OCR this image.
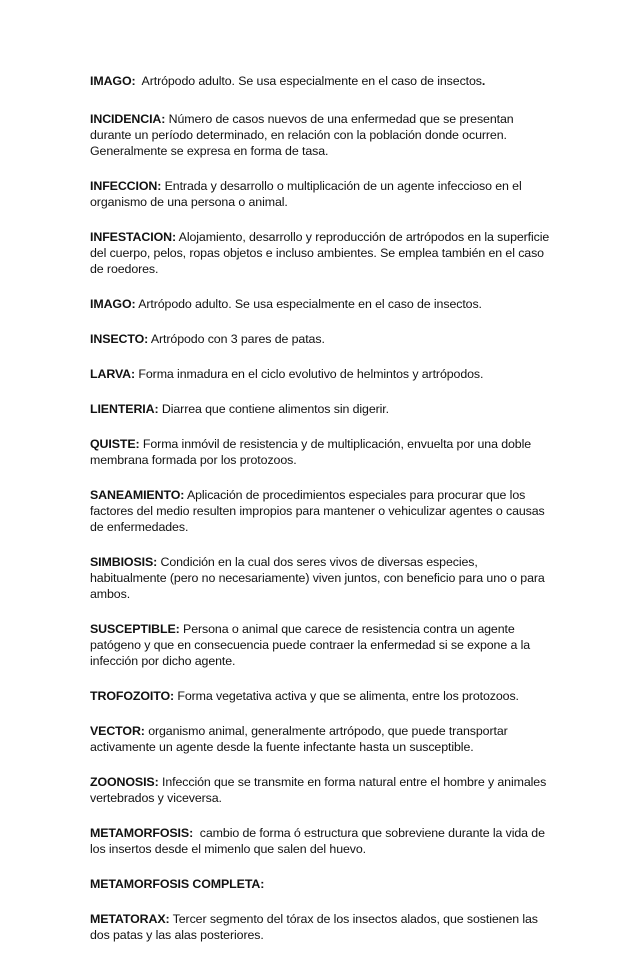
IMAGO: Artrópodo adulto. Se usa especialmente en el caso de insectos.

INCIDENCIA: Número de casos nuevos de una enfermedad que se presentan durante un período determinado, en relación con la población donde ocurren. Generalmente se expresa en forma de tasa.

INFECCION: Entrada y desarrollo o multiplicación de un agente infeccioso en el organismo de una persona o animal.

INFESTACION: Alojamiento, desarrollo y reproducción de artrópodos en la superficie del cuerpo, pelos, ropas objetos e incluso ambientes. Se emplea también en el caso de roedores.

IMAGO: Artrópodo adulto. Se usa especialmente en el caso de insectos.

INSECTO: Artrópodo con 3 pares de patas.

LARVA: Forma inmadura en el ciclo evolutivo de helmintos y artrópodos.

LIENTERIA: Diarrea que contiene alimentos sin digerir.

QUISTE: Forma inmóvil de resistencia y de multiplicación, envuelta por una doble membrana formada por los protozoos.

SANEAMIENTO: Aplicación de procedimientos especiales para procurar que los factores del medio resulten impropios para mantener o vehiculizar agentes o causas de enfermedades.

SIMBIOSIS: Condición en la cual dos seres vivos de diversas especies, habitualmente (pero no necesariamente) viven juntos, con beneficio para uno o para ambos.

SUSCEPTIBLE: Persona o animal que carece de resistencia contra un agente patógeno y que en consecuencia puede contraer la enfermedad si se expone a la infección por dicho agente.

TROFOZOITO: Forma vegetativa activa y que se alimenta, entre los protozoos.

VECTOR: organismo animal, generalmente artrópodo, que puede transportar activamente un agente desde la fuente infectante hasta un susceptible.

ZOONOSIS: Infección que se transmite en forma natural entre el hombre y animales vertebrados y viceversa.

METAMORFOSIS: cambio de forma ó estructura que sobreviene durante la vida de los insertos desde el mimenlo que salen del huevo.

METAMORFOSIS COMPLETA:

METATORAX: Tercer segmento del tórax de los insectos alados, que sostienen las dos patas y las alas posteriores.
